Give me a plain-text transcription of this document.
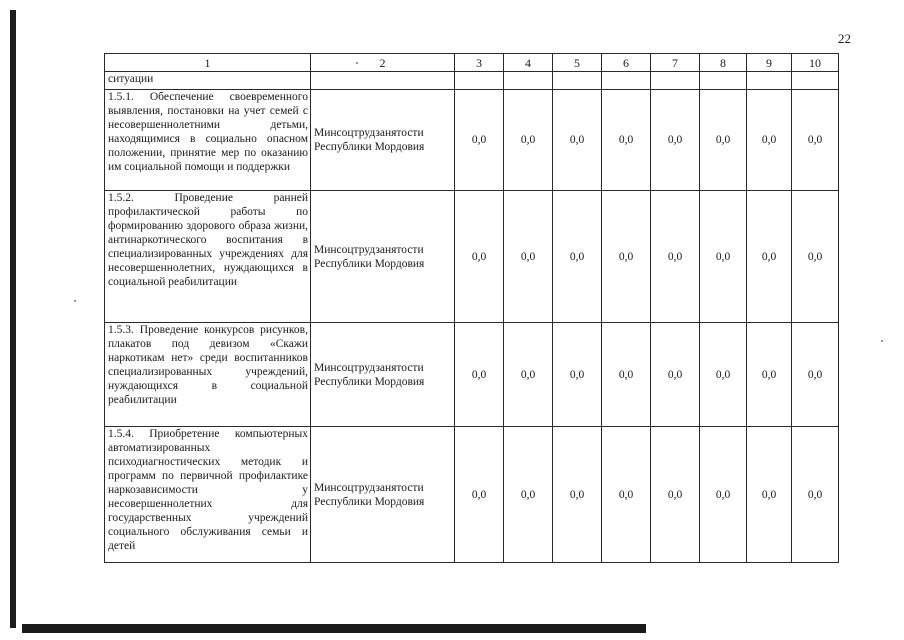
22
1	2	3	4	5	6	7	8	9	10
ситуации									
1.5.1. Обеспечение своевременного выявления, постановки на учет семей с несовершеннолетними детьми, находящимися в социально опасном положении, принятие мер по оказанию им социальной помощи и поддержки	Минсоцтрудзанятости Республики Мордовия	0,0	0,0	0,0	0,0	0,0	0,0	0,0	0,0
1.5.2. Проведение ранней профилактической работы по формированию здорового образа жизни, антинаркотического воспитания в специализированных учреждениях для несовершеннолетних, нуждающихся в социальной реабилитации	Минсоцтрудзанятости Республики Мордовия	0,0	0,0	0,0	0,0	0,0	0,0	0,0	0,0
1.5.3. Проведение конкурсов рисунков, плакатов под девизом «Скажи наркотикам нет» среди воспитанников специализированных учреждений, нуждающихся в социальной реабилитации	Минсоцтрудзанятости Республики Мордовия	0,0	0,0	0,0	0,0	0,0	0,0	0,0	0,0
1.5.4. Приобретение компьютерных автоматизированных психодиагностических методик и программ по первичной профилактике наркозависимости у несовершеннолетних для государственных учреждений социального обслуживания семьи и детей	Минсоцтрудзанятости Республики Мордовия	0,0	0,0	0,0	0,0	0,0	0,0	0,0	0,0
